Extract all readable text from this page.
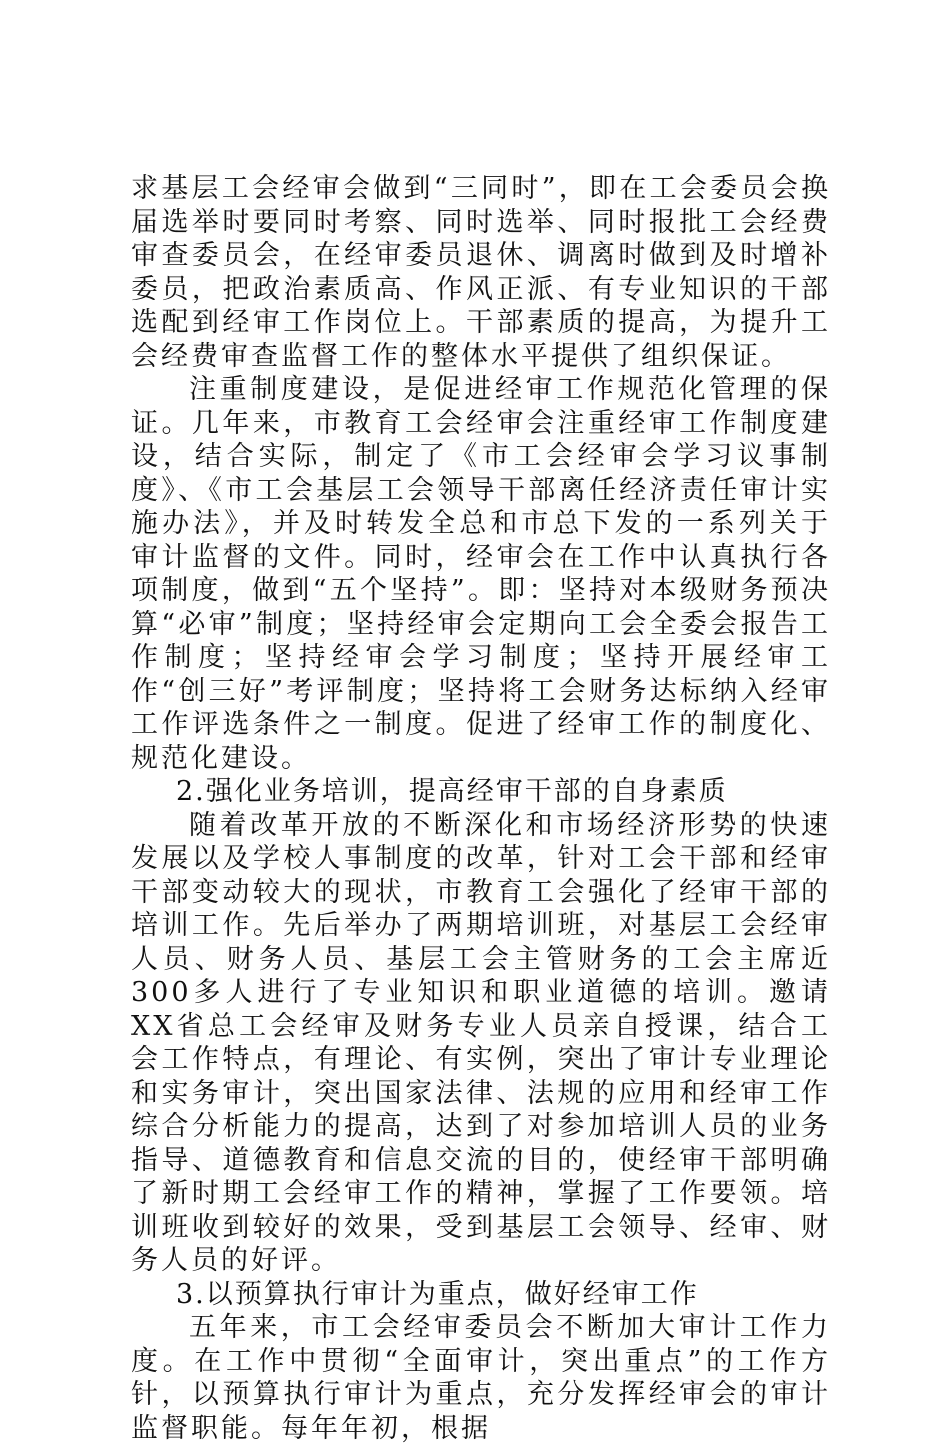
求基层工会经审会做到“三同时”，即在工会委员会换届选举时要同时考察、同时选举、同时报批工会经费审查委员会，在经审委员退休、调离时做到及时增补委员，把政治素质高、作风正派、有专业知识的干部选配到经审工作岗位上。干部素质的提高，为提升工会经费审查监督工作的整体水平提供了组织保证。

注重制度建设，是促进经审工作规范化管理的保证。几年来，市教育工会经审会注重经审工作制度建设，结合实际，制定了《市工会经审会学习议事制度》、《市工会基层工会领导干部离任经济责任审计实施办法》，并及时转发全总和市总下发的一系列关于审计监督的文件。同时，经审会在工作中认真执行各项制度，做到“五个坚持”。即：坚持对本级财务预决算“必审”制度；坚持经审会定期向工会全委会报告工作制度；坚持经审会学习制度；坚持开展经审工作“创三好”考评制度；坚持将工会财务达标纳入经审工作评选条件之一制度。促进了经审工作的制度化、规范化建设。

2.强化业务培训，提高经审干部的自身素质

随着改革开放的不断深化和市场经济形势的快速发展以及学校人事制度的改革，针对工会干部和经审干部变动较大的现状，市教育工会强化了经审干部的培训工作。先后举办了两期培训班，对基层工会经审人员、财务人员、基层工会主管财务的工会主席近300多人进行了专业知识和职业道德的培训。邀请XX省总工会经审及财务专业人员亲自授课，结合工会工作特点，有理论、有实例，突出了审计专业理论和实务审计，突出国家法律、法规的应用和经审工作综合分析能力的提高，达到了对参加培训人员的业务指导、道德教育和信息交流的目的，使经审干部明确了新时期工会经审工作的精神，掌握了工作要领。培训班收到较好的效果，受到基层工会领导、经审、财务人员的好评。

3.以预算执行审计为重点，做好经审工作

五年来，市工会经审委员会不断加大审计工作力度。在工作中贯彻“全面审计，突出重点”的工作方针，以预算执行审计为重点，充分发挥经审会的审计监督职能。每年年初，根据
